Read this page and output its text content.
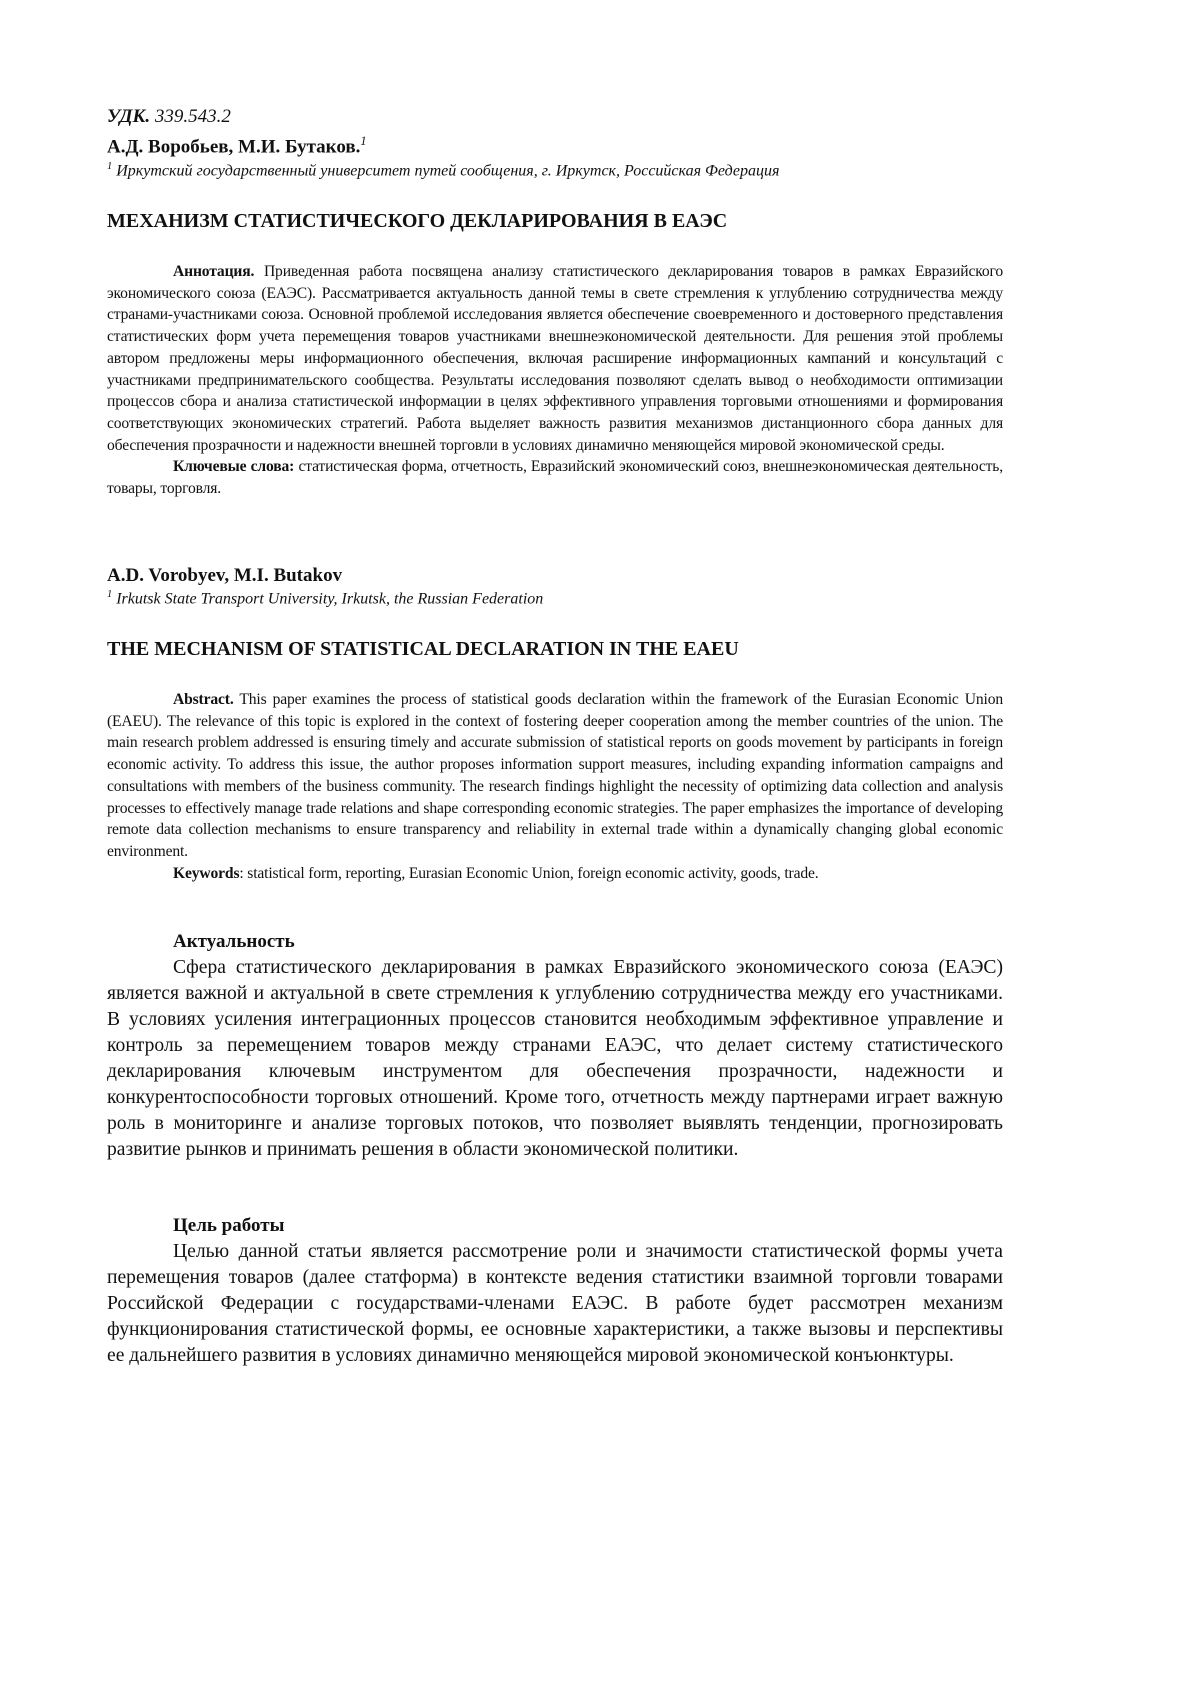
УДК. 339.543.2
А.Д. Воробьев, М.И. Бутаков.1
1 Иркутский государственный университет путей сообщения, г. Иркутск, Российская Федерация
МЕХАНИЗМ СТАТИСТИЧЕСКОГО ДЕКЛАРИРОВАНИЯ В ЕАЭС

Аннотация. Приведенная работа посвящена анализу статистического декларирования товаров в рамках Евразийского экономического союза (ЕАЭС). Рассматривается актуальность данной темы в свете стремления к углублению сотрудничества между странами-участниками союза. Основной проблемой исследования является обеспечение своевременного и достоверного представления статистических форм учета перемещения товаров участниками внешнеэкономической деятельности. Для решения этой проблемы автором предложены меры информационного обеспечения, включая расширение информационных кампаний и консультаций с участниками предпринимательского сообщества. Результаты исследования позволяют сделать вывод о необходимости оптимизации процессов сбора и анализа статистической информации в целях эффективного управления торговыми отношениями и формирования соответствующих экономических стратегий. Работа выделяет важность развития механизмов дистанционного сбора данных для обеспечения прозрачности и надежности внешней торговли в условиях динамично меняющейся мировой экономической среды.

Ключевые слова: статистическая форма, отчетность, Евразийский экономический союз, внешнеэкономическая деятельность, товары, торговля.

A.D. Vorobyev, M.I. Butakov
1 Irkutsk State Transport University, Irkutsk, the Russian Federation
THE MECHANISM OF STATISTICAL DECLARATION IN THE EAEU

Abstract. This paper examines the process of statistical goods declaration within the framework of the Eurasian Economic Union (EAEU). The relevance of this topic is explored in the context of fostering deeper cooperation among the member countries of the union. The main research problem addressed is ensuring timely and accurate submission of statistical reports on goods movement by participants in foreign economic activity. To address this issue, the author proposes information support measures, including expanding information campaigns and consultations with members of the business community. The research findings highlight the necessity of optimizing data collection and analysis processes to effectively manage trade relations and shape corresponding economic strategies. The paper emphasizes the importance of developing remote data collection mechanisms to ensure transparency and reliability in external trade within a dynamically changing global economic environment.

Keywords: statistical form, reporting, Eurasian Economic Union, foreign economic activity, goods, trade.

Актуальность

Сфера статистического декларирования в рамках Евразийского экономического союза (ЕАЭС) является важной и актуальной в свете стремления к углублению сотрудничества между его участниками. В условиях усиления интеграционных процессов становится необходимым эффективное управление и контроль за перемещением товаров между странами ЕАЭС, что делает систему статистического декларирования ключевым инструментом для обеспечения прозрачности, надежности и конкурентоспособности торговых отношений. Кроме того, отчетность между партнерами играет важную роль в мониторинге и анализе торговых потоков, что позволяет выявлять тенденции, прогнозировать развитие рынков и принимать решения в области экономической политики.

Цель работы

Целью данной статьи является рассмотрение роли и значимости статистической формы учета перемещения товаров (далее статформа) в контексте ведения статистики взаимной торговли товарами Российской Федерации с государствами-членами ЕАЭС. В работе будет рассмотрен механизм функционирования статистической формы, ее основные характеристики, а также вызовы и перспективы ее дальнейшего развития в условиях динамично меняющейся мировой экономической конъюнктуры.
